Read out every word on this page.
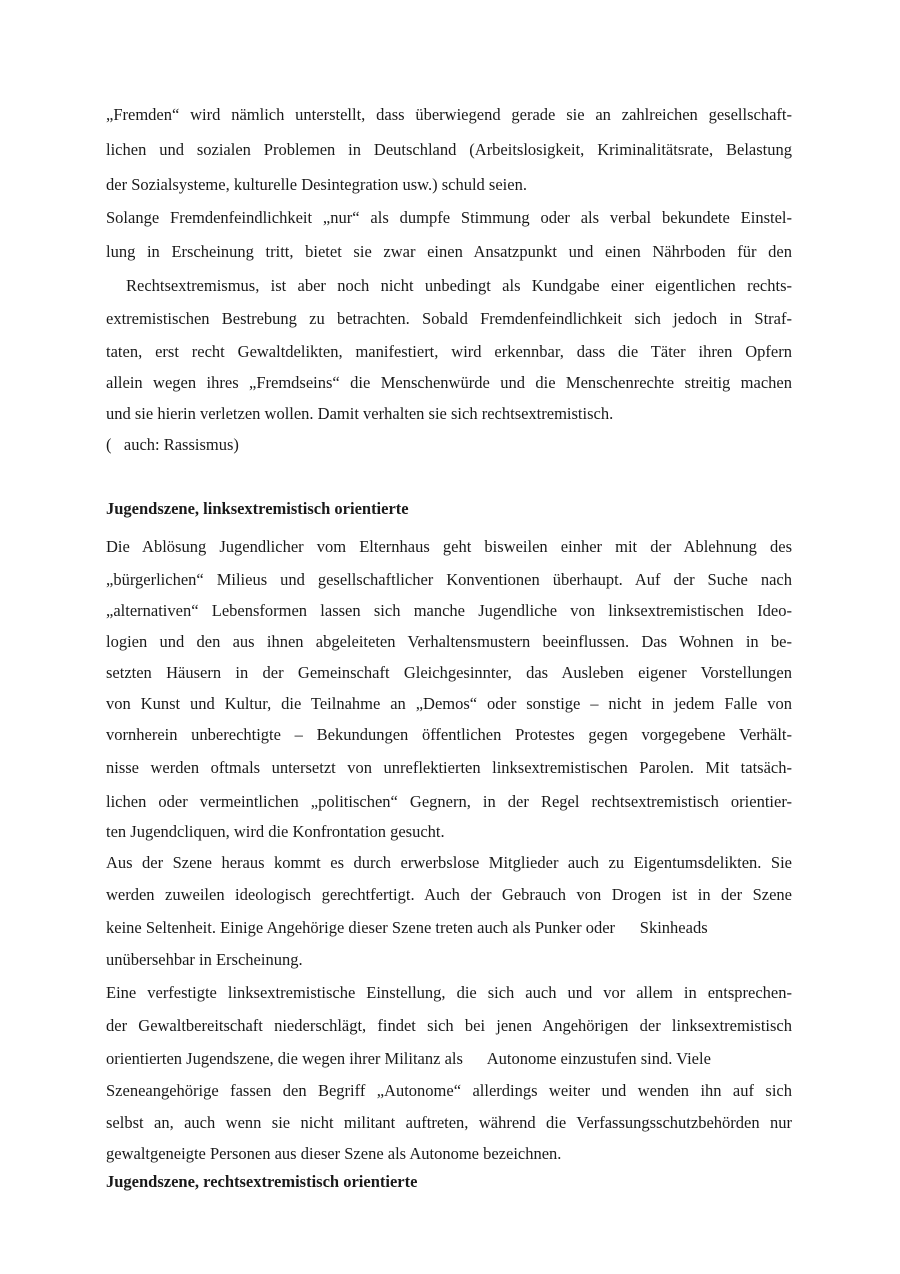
„Fremden“ wird nämlich unterstellt, dass überwiegend gerade sie an zahlreichen gesellschaft-
lichen und sozialen Problemen in Deutschland (Arbeitslosigkeit, Kriminalitätsrate, Belastung
der Sozialsysteme, kulturelle Desintegration usw.) schuld seien.
Solange Fremdenfeindlichkeit „nur“ als dumpfe Stimmung oder als verbal bekundete Einstel-
lung in Erscheinung tritt, bietet sie zwar einen Ansatzpunkt und einen Nährboden für den
Rechtsextremismus, ist aber noch nicht unbedingt als Kundgabe einer eigentlichen rechts-
extremistischen Bestrebung zu betrachten. Sobald Fremdenfeindlichkeit sich jedoch in Straf-
taten, erst recht Gewaltdelikten, manifestiert, wird erkennbar, dass die Täter ihren Opfern
allein wegen ihres „Fremdseins“ die Menschenwürde und die Menschenrechte streitig machen
und sie hierin verletzen wollen. Damit verhalten sie sich rechtsextremistisch.
(   auch: Rassismus)
Jugendszene, linksextremistisch orientierte
Die Ablösung Jugendlicher vom Elternhaus geht bisweilen einher mit der Ablehnung des
„bürgerlichen“ Milieus und gesellschaftlicher Konventionen überhaupt. Auf der Suche nach
„alternativen“ Lebensformen lassen sich manche Jugendliche von linksextremistischen Ideo-
logien und den aus ihnen abgeleiteten Verhaltensmustern beeinflussen. Das Wohnen in be-
setzten Häusern in der Gemeinschaft Gleichgesinnter, das Ausleben eigener Vorstellungen
von Kunst und Kultur, die Teilnahme an „Demos“ oder sonstige – nicht in jedem Falle von
vornherein unberechtigte – Bekundungen öffentlichen Protestes gegen vorgegebene Verhält-
nisse werden oftmals untersetzt von unreflektierten linksextremistischen Parolen. Mit tatsäch-
lichen oder vermeintlichen „politischen“ Gegnern, in der Regel rechtsextremistisch orientier-
ten Jugendcliquen, wird die Konfrontation gesucht.
Aus der Szene heraus kommt es durch erwerbslose Mitglieder auch zu Eigentumsdelikten. Sie
werden zuweilen ideologisch gerechtfertigt. Auch der Gebrauch von Drogen ist in der Szene
keine Seltenheit. Einige Angehörige dieser Szene treten auch als Punker oder      Skinheads
unübersehbar in Erscheinung.
Eine verfestigte linksextremistische Einstellung, die sich auch und vor allem in entsprechen-
der Gewaltbereitschaft niederschlägt, findet sich bei jenen Angehörigen der linksextremistisch
orientierten Jugendszene, die wegen ihrer Militanz als      Autonome einzustufen sind. Viele
Szeneangehörige fassen den Begriff „Autonome“ allerdings weiter und wenden ihn auf sich
selbst an, auch wenn sie nicht militant auftreten, während die Verfassungsschutzbehörden nur
gewaltgeneigte Personen aus dieser Szene als Autonome bezeichnen.
Jugendszene, rechtsextremistisch orientierte
